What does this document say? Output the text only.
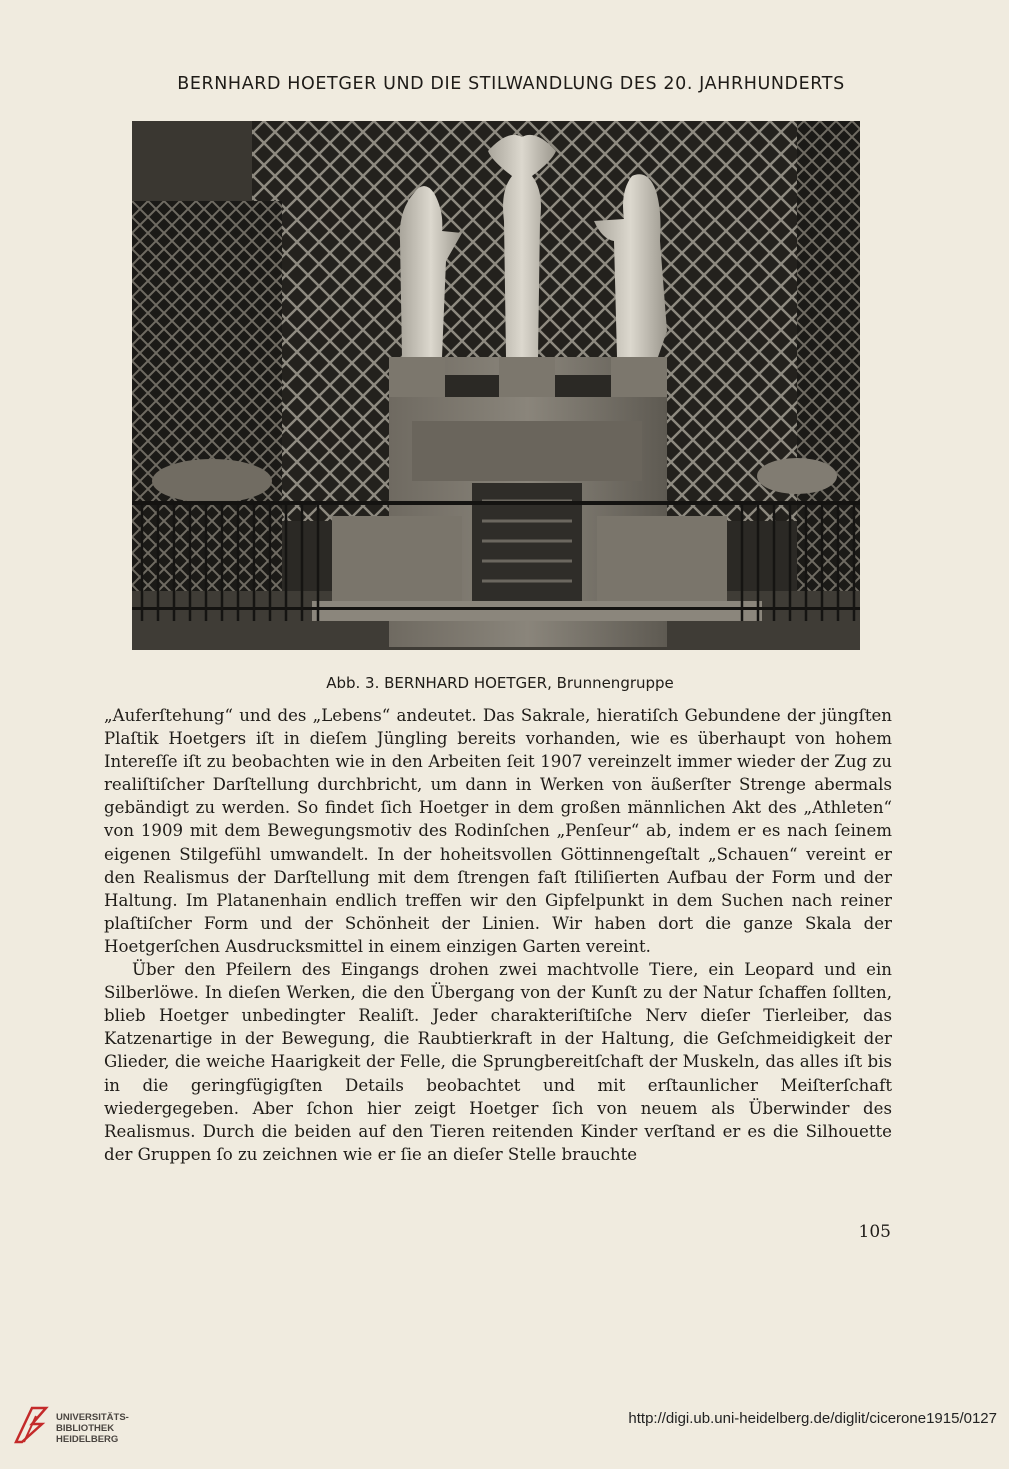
BERNHARD HOETGER UND DIE STILWANDLUNG DES 20. JAHRHUNDERTS
Abb. 3. BERNHARD HOETGER, Brunnengruppe

„Auferſtehung“ und des „Lebens“ andeutet. Das Sakrale, hieratiſch Gebundene der jüngſten Plaſtik Hoetgers iſt in dieſem Jüngling bereits vorhanden, wie es überhaupt von hohem Intereſſe iſt zu beobachten wie in den Arbeiten ſeit 1907 vereinzelt immer wieder der Zug zu realiſtiſcher Darſtellung durchbricht, um dann in Werken von äußerſter Strenge abermals gebändigt zu werden. So findet ſich Hoetger in dem großen männlichen Akt des „Athleten“ von 1909 mit dem Bewegungsmotiv des Rodinſchen „Penſeur“ ab, indem er es nach ſeinem eigenen Stilgefühl umwandelt. In der hoheitsvollen Göttinnengeſtalt „Schauen“ vereint er den Realismus der Darſtellung mit dem ſtrengen faſt ſtiliſierten Aufbau der Form und der Haltung. Im Platanenhain endlich treffen wir den Gipfelpunkt in dem Suchen nach reiner plaſtiſcher Form und der Schönheit der Linien. Wir haben dort die ganze Skala der Hoetgerſchen Ausdrucksmittel in einem einzigen Garten vereint.

Über den Pfeilern des Eingangs drohen zwei machtvolle Tiere, ein Leopard und ein Silberlöwe. In dieſen Werken, die den Übergang von der Kunſt zu der Natur ſchaffen ſollten, blieb Hoetger unbedingter Realiſt. Jeder charakteriſtiſche Nerv dieſer Tierleiber, das Katzenartige in der Bewegung, die Raubtierkraft in der Haltung, die Geſchmeidigkeit der Glieder, die weiche Haarigkeit der Felle, die Sprungbereitſchaft der Muskeln, das alles iſt bis in die geringfügigſten Details beobachtet und mit erſtaunlicher Meiſterſchaft wiedergegeben. Aber ſchon hier zeigt Hoetger ſich von neuem als Überwinder des Realismus. Durch die beiden auf den Tieren reitenden Kinder verſtand er es die Silhouette der Gruppen ſo zu zeichnen wie er ſie an dieſer Stelle brauchte

105
UNIVERSITÄTS-
BIBLIOTHEK
HEIDELBERG
http://digi.ub.uni-heidelberg.de/diglit/cicerone1915/0127
